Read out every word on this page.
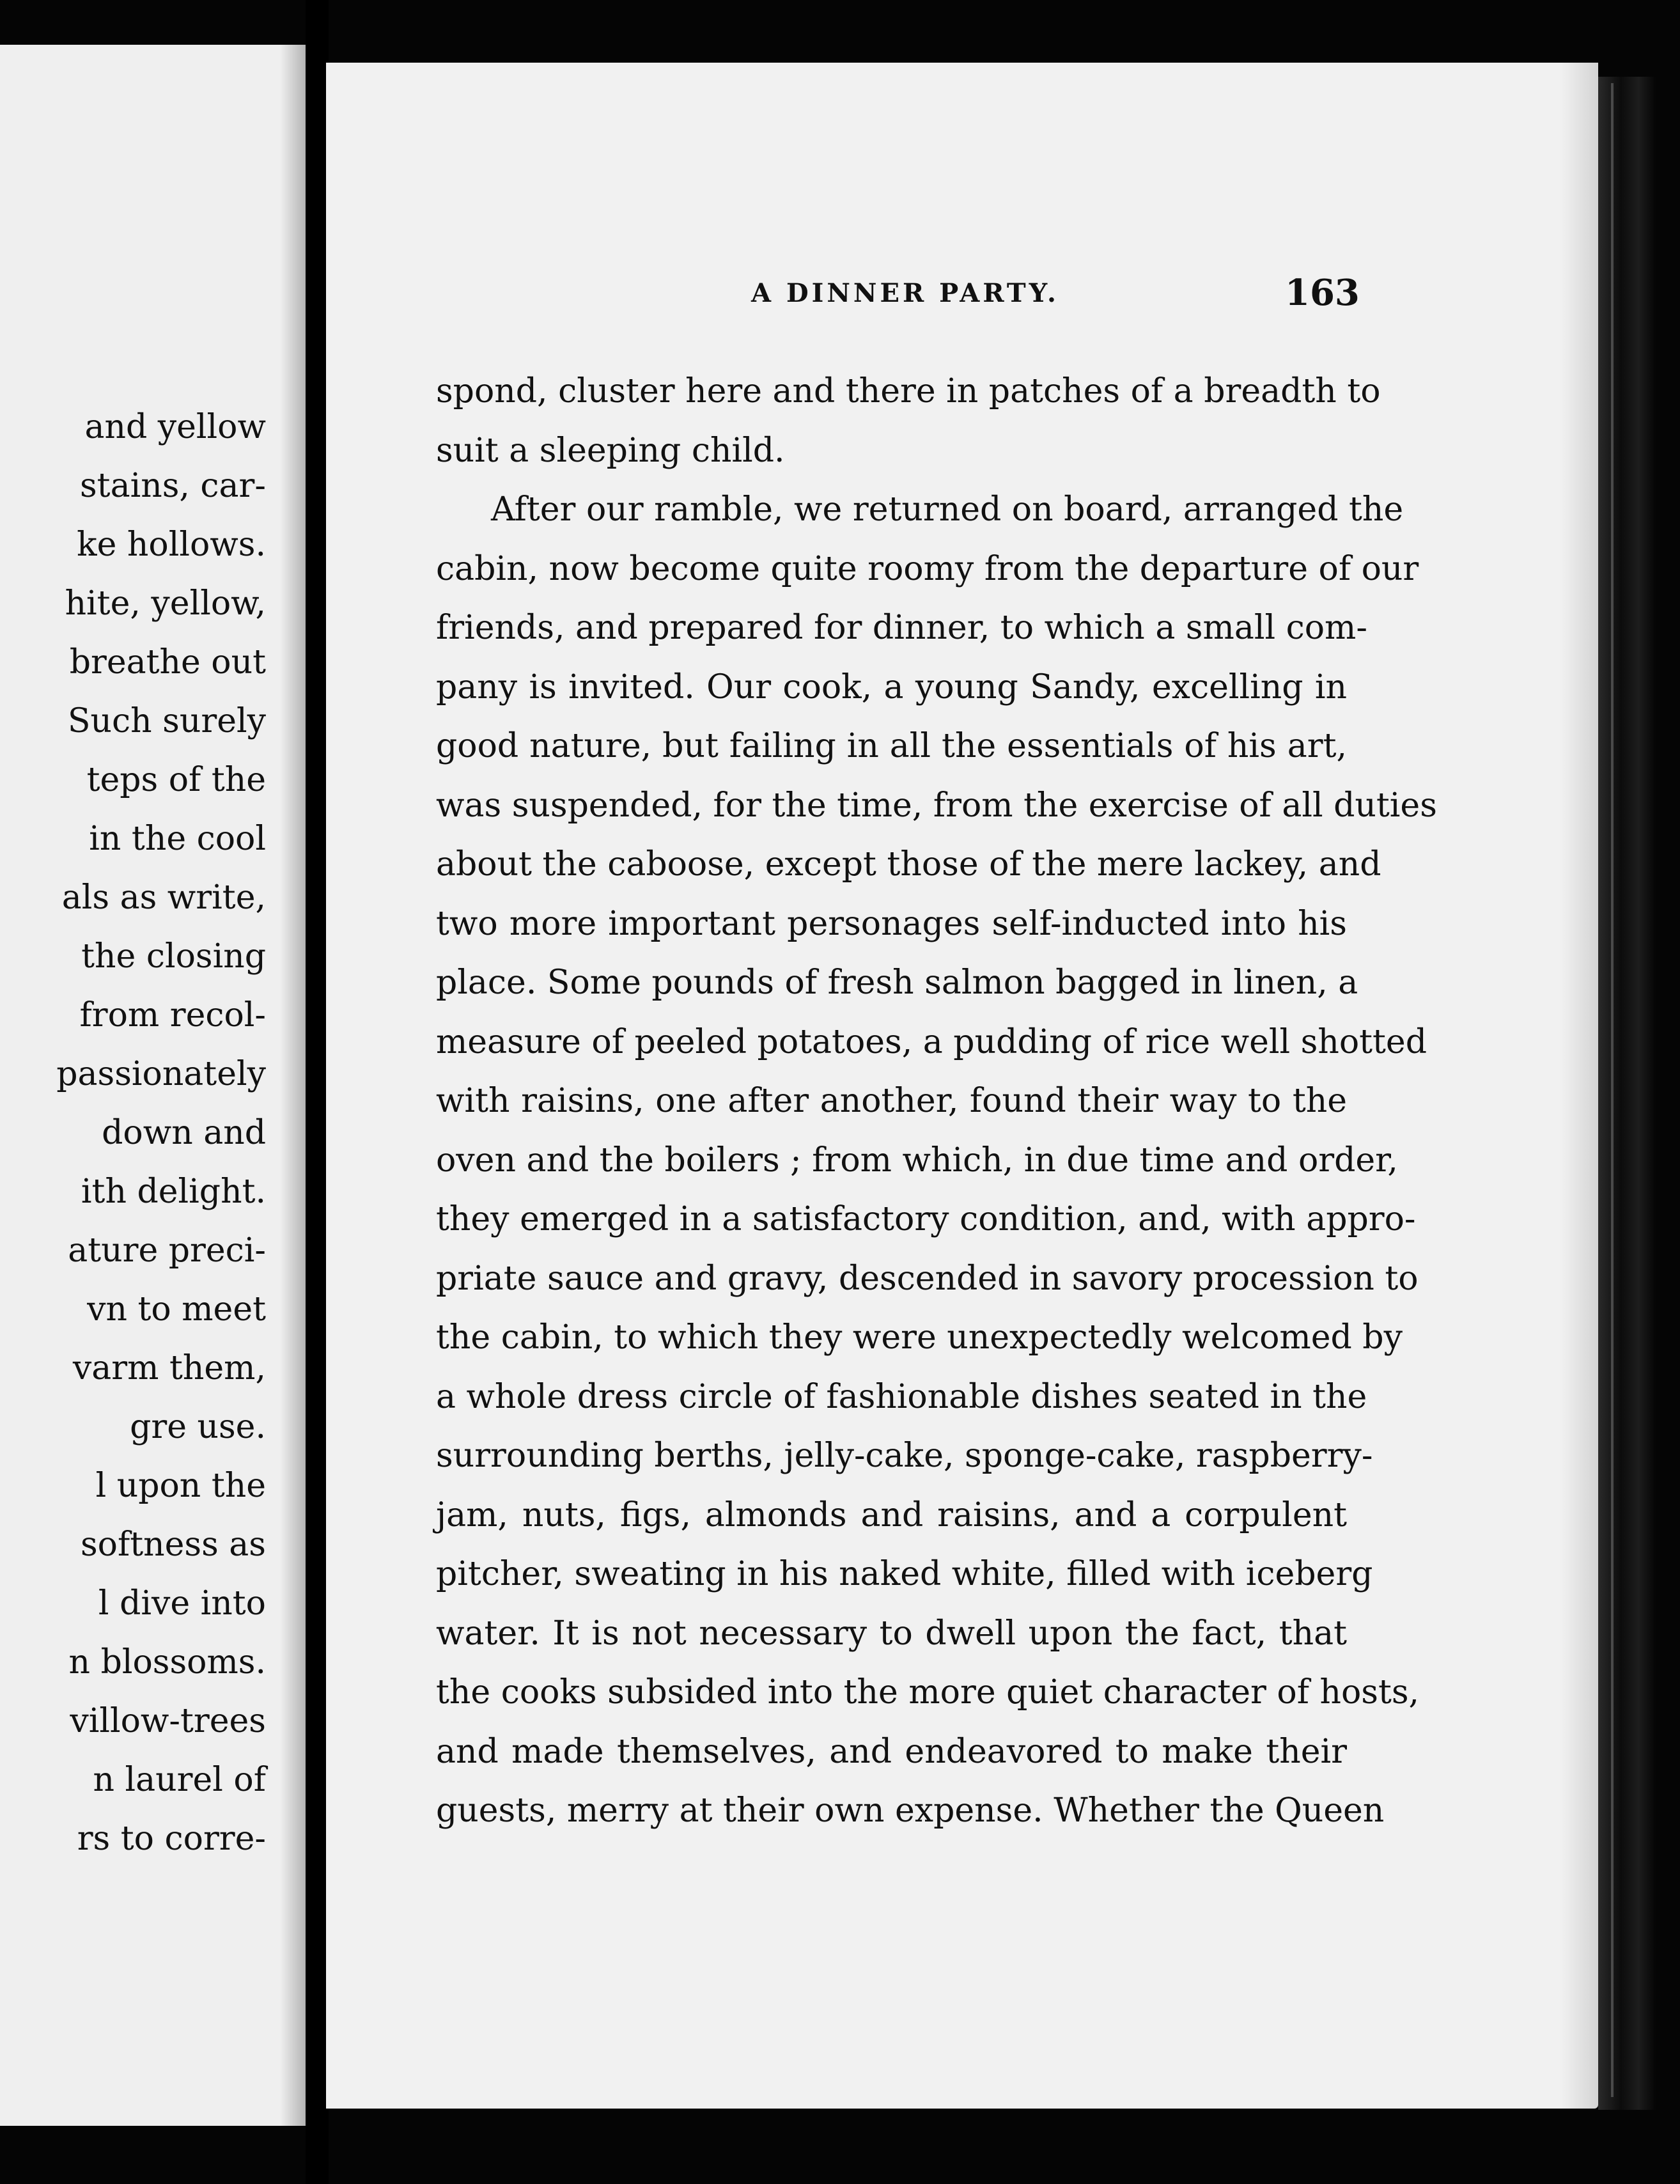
and yellow
stains, car-
ke hollows.
hite, yellow,
breathe out
Such surely
teps of the
in the cool
als as write,
the closing
from recol-
passionately
down and
ith delight.
ature preci-
vn to meet
varm them,
gre use.
l upon the
softness as
l dive into
n blossoms.
villow-trees
n laurel of
rs to corre-
A DINNER PARTY.	163
spond, cluster here and there in patches of a breadth to
suit a sleeping child.
After our ramble, we returned on board, arranged the
cabin, now become quite roomy from the departure of our
friends, and prepared for dinner, to which a small com-
pany is invited. Our cook, a young Sandy, excelling in
good nature, but failing in all the essentials of his art,
was suspended, for the time, from the exercise of all duties
about the caboose, except those of the mere lackey, and
two more important personages self-inducted into his
place. Some pounds of fresh salmon bagged in linen, a
measure of peeled potatoes, a pudding of rice well shotted
with raisins, one after another, found their way to the
oven and the boilers ; from which, in due time and order,
they emerged in a satisfactory condition, and, with appro-
priate sauce and gravy, descended in savory procession to
the cabin, to which they were unexpectedly welcomed by
a whole dress circle of fashionable dishes seated in the
surrounding berths, jelly-cake, sponge-cake, raspberry-
jam, nuts, figs, almonds and raisins, and a corpulent
pitcher, sweating in his naked white, filled with iceberg
water. It is not necessary to dwell upon the fact, that
the cooks subsided into the more quiet character of hosts,
and made themselves, and endeavored to make their
guests, merry at their own expense. Whether the Queen
